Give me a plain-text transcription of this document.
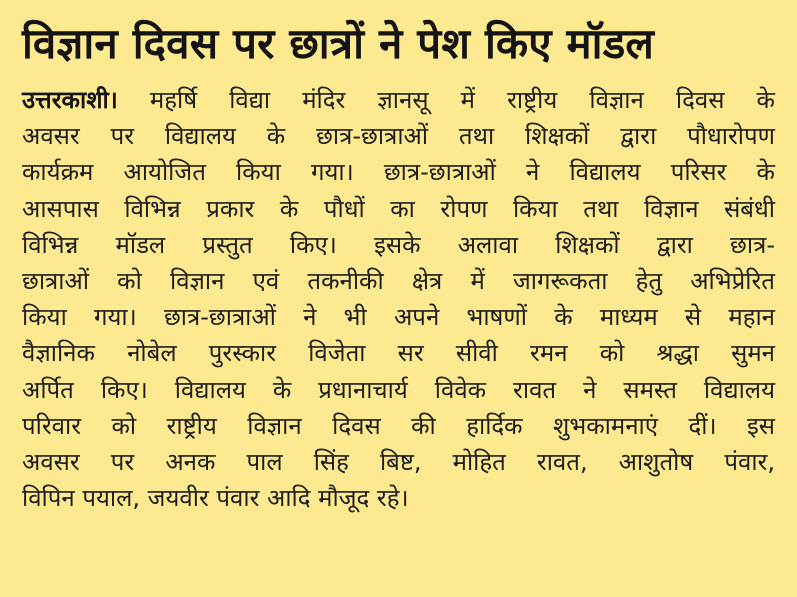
विज्ञान दिवस पर छात्रों ने पेश किए मॉडल
उत्तरकाशी। महर्षि विद्या मंदिर ज्ञानसू में राष्ट्रीय विज्ञान दिवस के
अवसर पर विद्यालय के छात्र-छात्राओं तथा शिक्षकों द्वारा पौधारोपण
कार्यक्रम आयोजित किया गया। छात्र-छात्राओं ने विद्यालय परिसर के
आसपास विभिन्न प्रकार के पौधों का रोपण किया तथा विज्ञान संबंधी
विभिन्न मॉडल प्रस्तुत किए। इसके अलावा शिक्षकों द्वारा छात्र-
छात्राओं को विज्ञान एवं तकनीकी क्षेत्र में जागरूकता हेतु अभिप्रेरित
किया गया। छात्र-छात्राओं ने भी अपने भाषणों के माध्यम से महान
वैज्ञानिक नोबेल पुरस्कार विजेता सर सीवी रमन को श्रद्धा सुमन
अर्पित किए। विद्यालय के प्रधानाचार्य विवेक रावत ने समस्त विद्यालय
परिवार को राष्ट्रीय विज्ञान दिवस की हार्दिक शुभकामनाएं दीं। इस
अवसर पर अनक पाल सिंह बिष्ट, मोहित रावत, आशुतोष पंवार,
विपिन पयाल, जयवीर पंवार आदि मौजूद रहे।
